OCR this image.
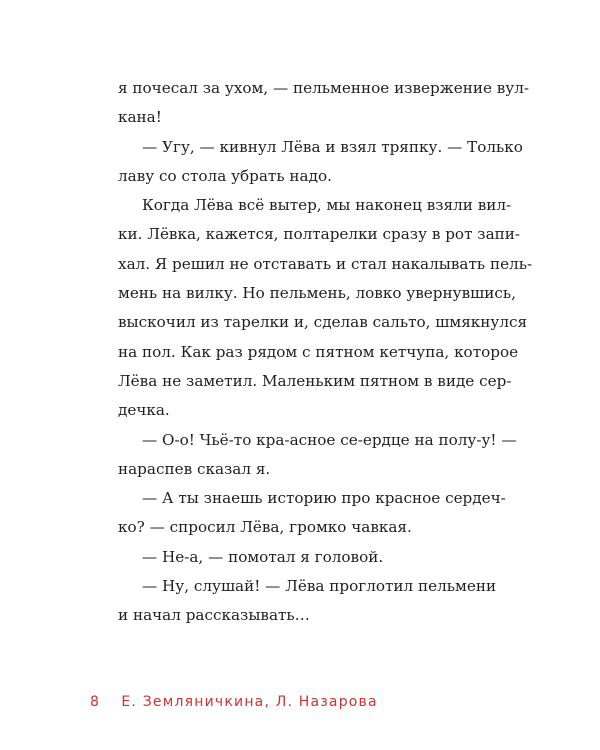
я почесал за ухом, — пельменное извержение вул-
кана!
— Угу, — кивнул Лёва и взял тряпку. — Только
лаву со стола убрать надо.
Когда Лёва всё вытер, мы наконец взяли вил-
ки. Лёвка, кажется, полтарелки сразу в рот запи-
хал. Я решил не отставать и стал накалывать пель-
мень на вилку. Но пельмень, ловко увернувшись,
выскочил из тарелки и, сделав сальто, шмякнулся
на пол. Как раз рядом с пятном кетчупа, которое
Лёва не заметил. Маленьким пятном в виде сер-
дечка.
— О-о! Чьё-то кра-асное се-ердце на полу-у! —
нараспев сказал я.
— А ты знаешь историю про красное сердеч-
ко? — спросил Лёва, громко чавкая.
— Не-а, — помотал я головой.
— Ну, слушай! — Лёва проглотил пельмени
и начал рассказывать…
8 Е. Земляничкина, Л. Назарова
